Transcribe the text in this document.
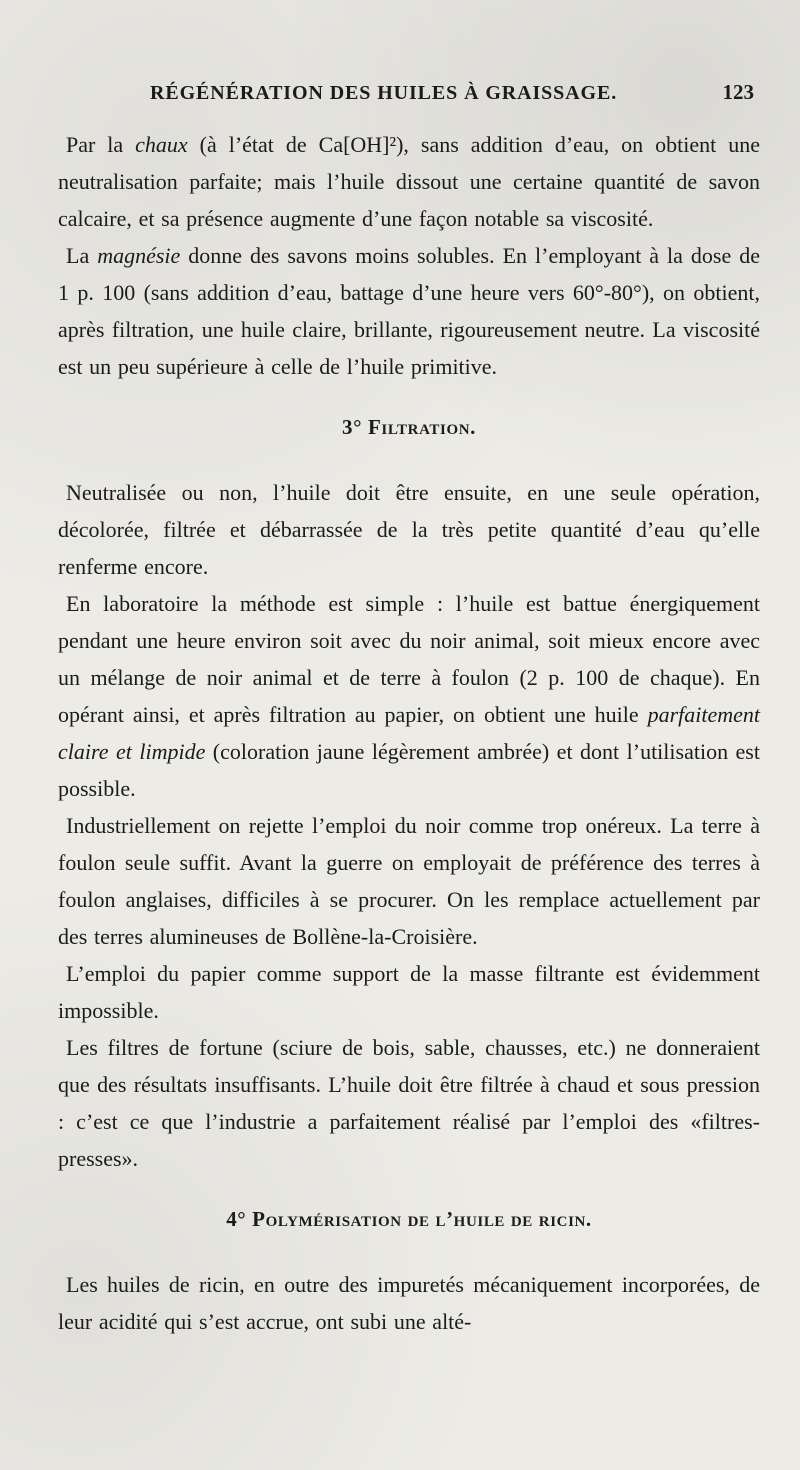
RÉGÉNÉRATION DES HUILES À GRAISSAGE.	123

Par la chaux (à l’état de Ca[OH]²), sans addition d’eau, on obtient une neutralisation parfaite; mais l’huile dissout une certaine quantité de savon calcaire, et sa présence augmente d’une façon notable sa viscosité.

La magnésie donne des savons moins solubles. En l’employant à la dose de 1 p. 100 (sans addition d’eau, battage d’une heure vers 60°-80°), on obtient, après filtration, une huile claire, brillante, rigoureusement neutre. La viscosité est un peu supérieure à celle de l’huile primitive.

3° Filtration.

Neutralisée ou non, l’huile doit être ensuite, en une seule opération, décolorée, filtrée et débarrassée de la très petite quantité d’eau qu’elle renferme encore.

En laboratoire la méthode est simple : l’huile est battue énergiquement pendant une heure environ soit avec du noir animal, soit mieux encore avec un mélange de noir animal et de terre à foulon (2 p. 100 de chaque). En opérant ainsi, et après filtration au papier, on obtient une huile parfaitement claire et limpide (coloration jaune légèrement ambrée) et dont l’utilisation est possible.

Industriellement on rejette l’emploi du noir comme trop onéreux. La terre à foulon seule suffit. Avant la guerre on employait de préférence des terres à foulon anglaises, difficiles à se procurer. On les remplace actuellement par des terres alumineuses de Bollène-la-Croisière.

L’emploi du papier comme support de la masse filtrante est évidemment impossible.

Les filtres de fortune (sciure de bois, sable, chausses, etc.) ne donneraient que des résultats insuffisants. L’huile doit être filtrée à chaud et sous pression : c’est ce que l’industrie a parfaitement réalisé par l’emploi des «filtres-presses».

4° Polymérisation de l’huile de ricin.

Les huiles de ricin, en outre des impuretés mécaniquement incorporées, de leur acidité qui s’est accrue, ont subi une alté-
